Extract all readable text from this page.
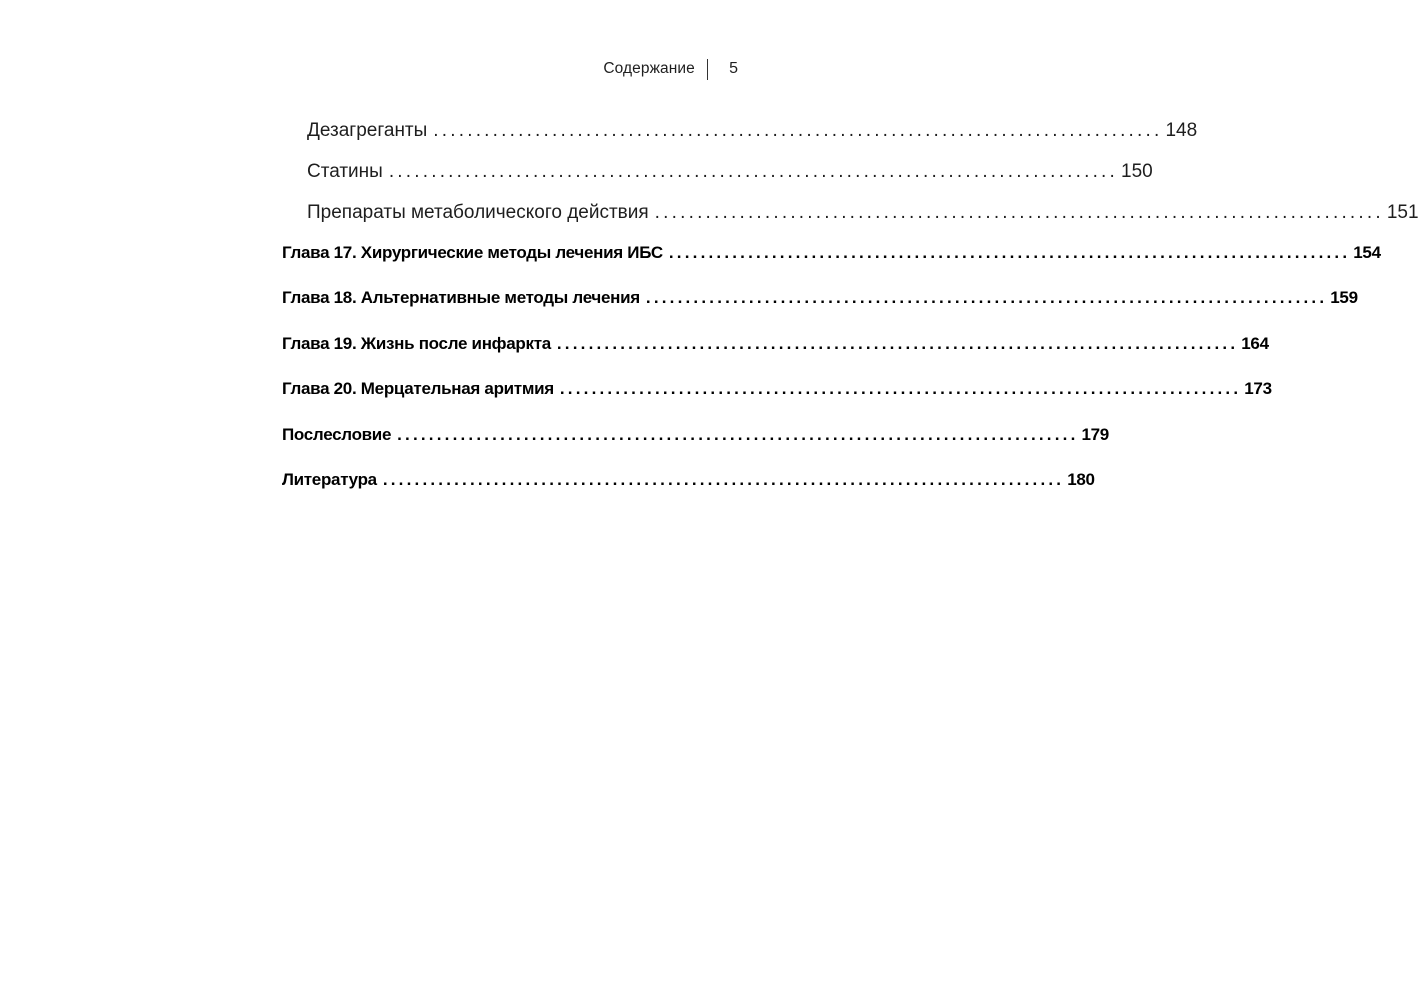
Содержание 5
Дезагреганты ...................................................................................... 148
Статины ...................................................................................... 150
Препараты метаболического действия ...................................................................................... 151
Глава 17. Хирургические методы лечения ИБС ...................................................................................... 154
Глава 18. Альтернативные методы лечения ...................................................................................... 159
Глава 19. Жизнь после инфаркта ...................................................................................... 164
Глава 20. Мерцательная аритмия ...................................................................................... 173
Послесловие ...................................................................................... 179
Литература ...................................................................................... 180
